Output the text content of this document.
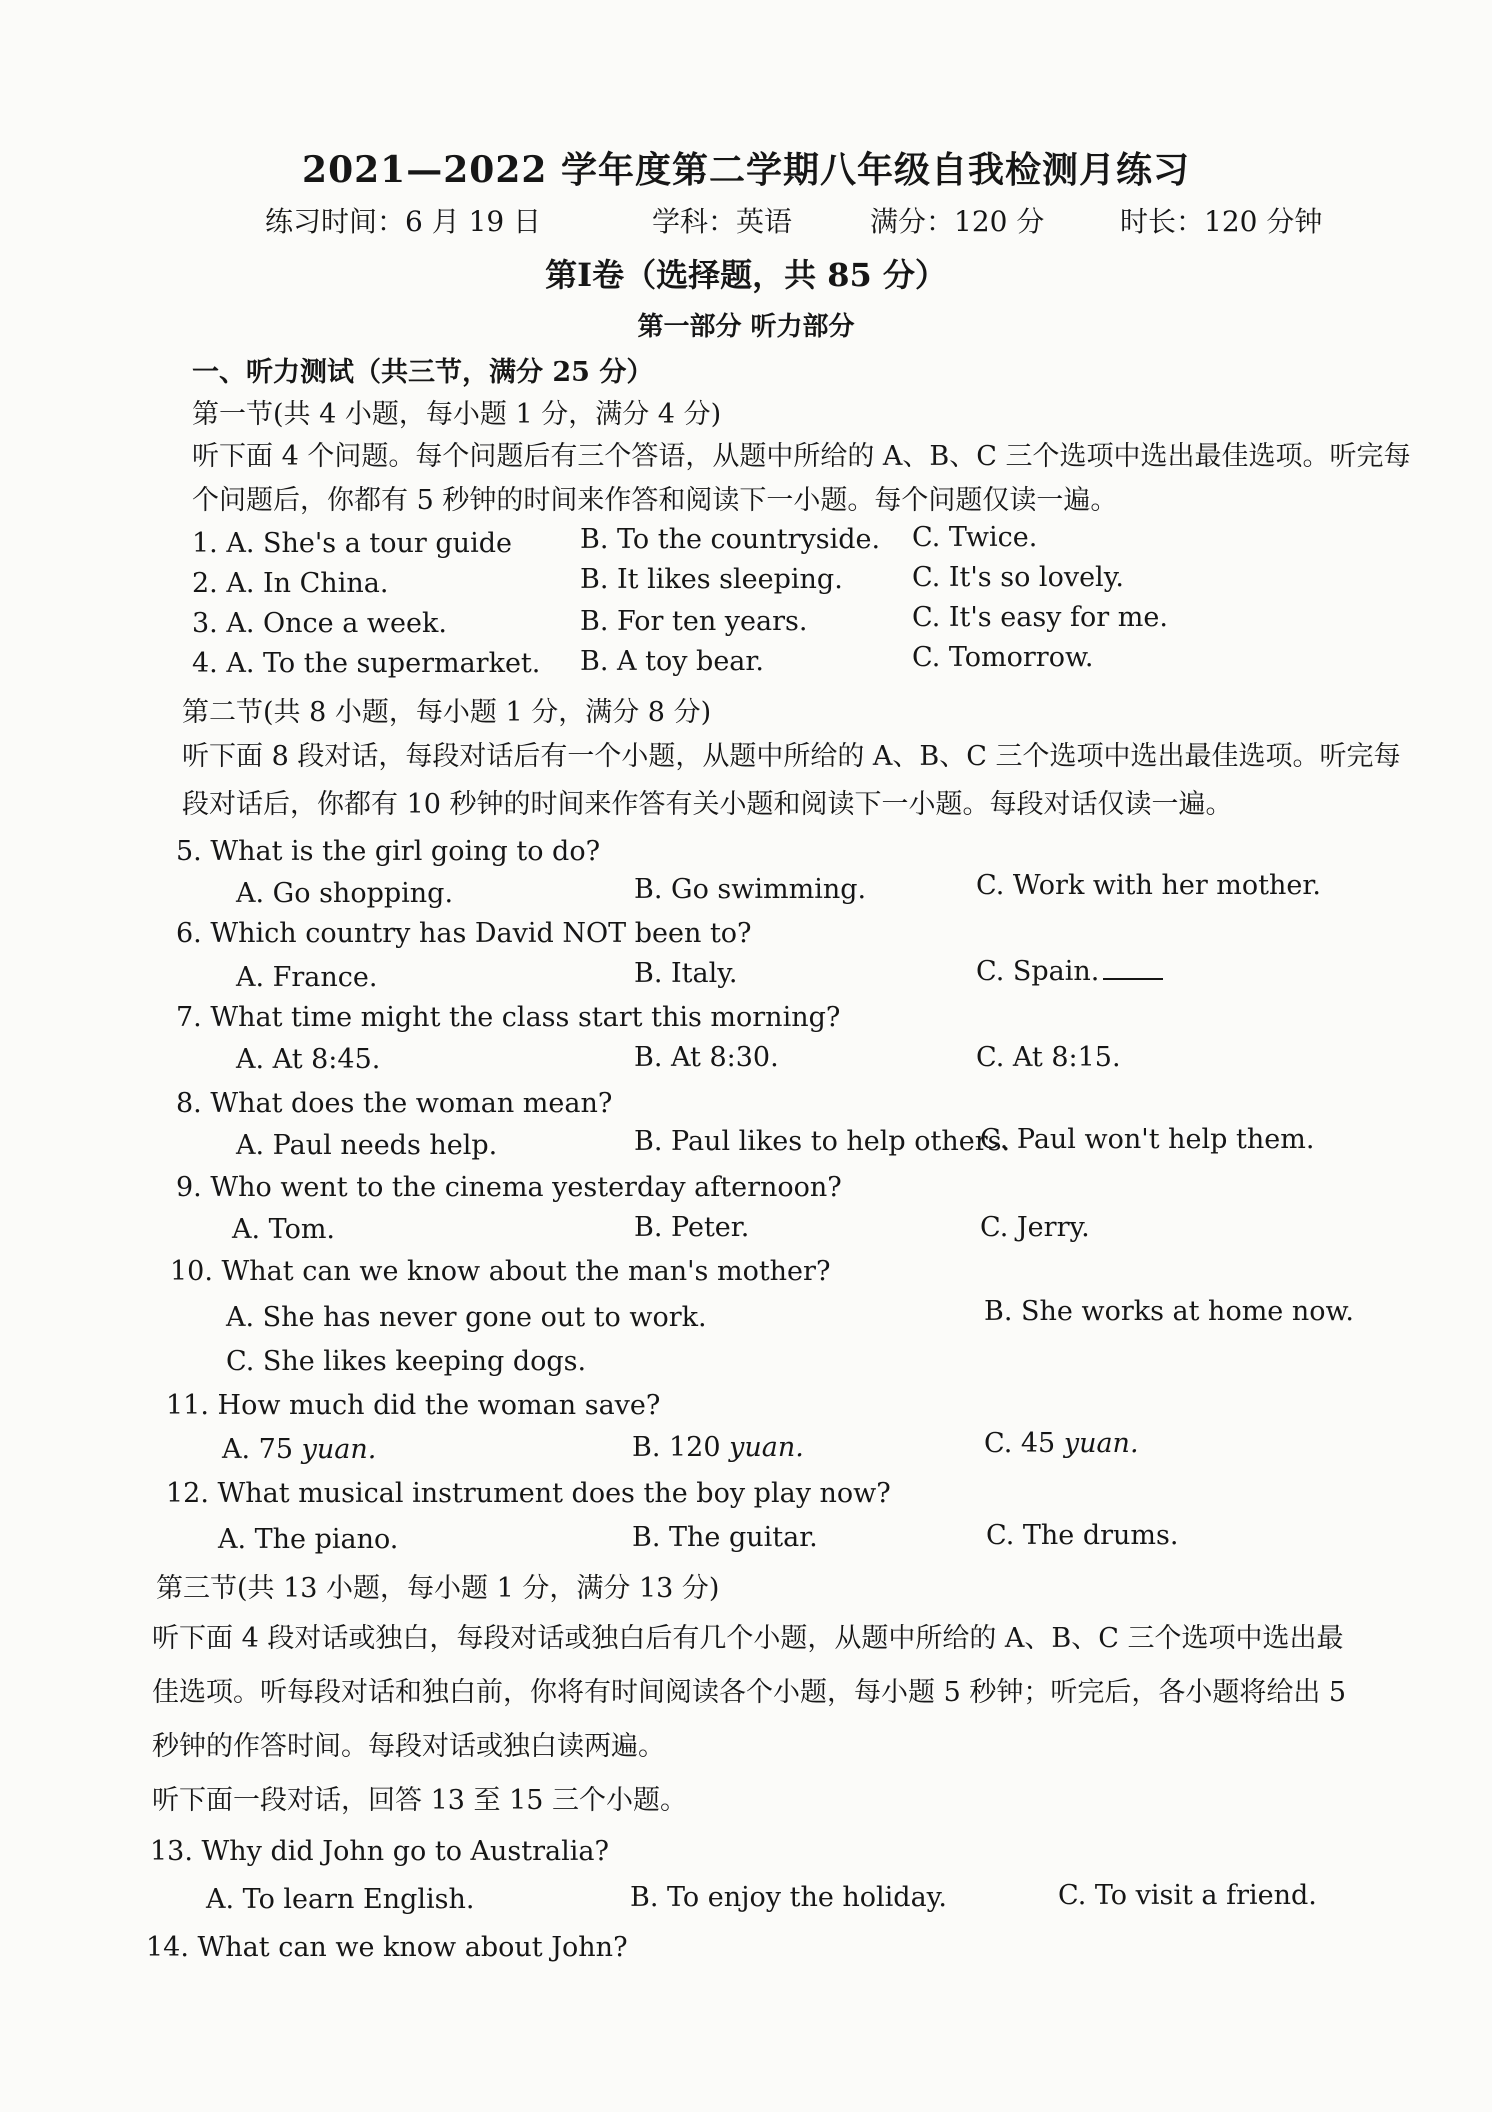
2021—2022 学年度第二学期八年级自我检测月练习
练习时间：6 月 19 日	学科：英语	满分：120 分	时长：120 分钟
第Ⅰ卷（选择题，共 85 分）
第一部分 听力部分
一、听力测试（共三节，满分 25 分）
第一节(共 4 小题，每小题 1 分，满分 4 分)
听下面 4 个问题。每个问题后有三个答语，从题中所给的 A、B、C 三个选项中选出最佳选项。听完每
个问题后，你都有 5 秒钟的时间来作答和阅读下一小题。每个问题仅读一遍。
1. A. She's a tour guide	B. To the countryside. C. Twice.
2. A. In China.	B. It likes sleeping.	C. It's so lovely.
3. A. Once a week.	B. For ten years.	C. It's easy for me.
4. A. To the supermarket. B. A toy bear.	C. Tomorrow.
第二节(共 8 小题，每小题 1 分，满分 8 分)
听下面 8 段对话，每段对话后有一个小题，从题中所给的 A、B、C 三个选项中选出最佳选项。听完每
段对话后，你都有 10 秒钟的时间来作答有关小题和阅读下一小题。每段对话仅读一遍。
5. What is the girl going to do?
A. Go shopping.	B. Go swimming.	C. Work with her mother.
6. Which country has David NOT been to?
A. France.	B. Italy.	C. Spain.
7. What time might the class start this morning?
A. At 8:45.	B. At 8:30.	C. At 8:15.
8. What does the woman mean?
A. Paul needs help.	B. Paul likes to help others.
C. Paul won't help them.
9. Who went to the cinema yesterday afternoon?
A. Tom.	B. Peter.	C. Jerry.
10. What can we know about the man's mother?
A. She has never gone out to work.	B. She works at home now.
C. She likes keeping dogs.
11. How much did the woman save?
A. 75 yuan.	B. 120 yuan.	C. 45 yuan.
12. What musical instrument does the boy play now?
A. The piano.	B. The guitar.	C. The drums.
第三节(共 13 小题，每小题 1 分，满分 13 分)
听下面 4 段对话或独白，每段对话或独白后有几个小题，从题中所给的 A、B、C 三个选项中选出最
佳选项。听每段对话和独白前，你将有时间阅读各个小题，每小题 5 秒钟；听完后，各小题将给出 5
秒钟的作答时间。每段对话或独白读两遍。
听下面一段对话，回答 13 至 15 三个小题。
13. Why did John go to Australia?
A. To learn English.	B. To enjoy the holiday.	C. To visit a friend.
14. What can we know about John?
